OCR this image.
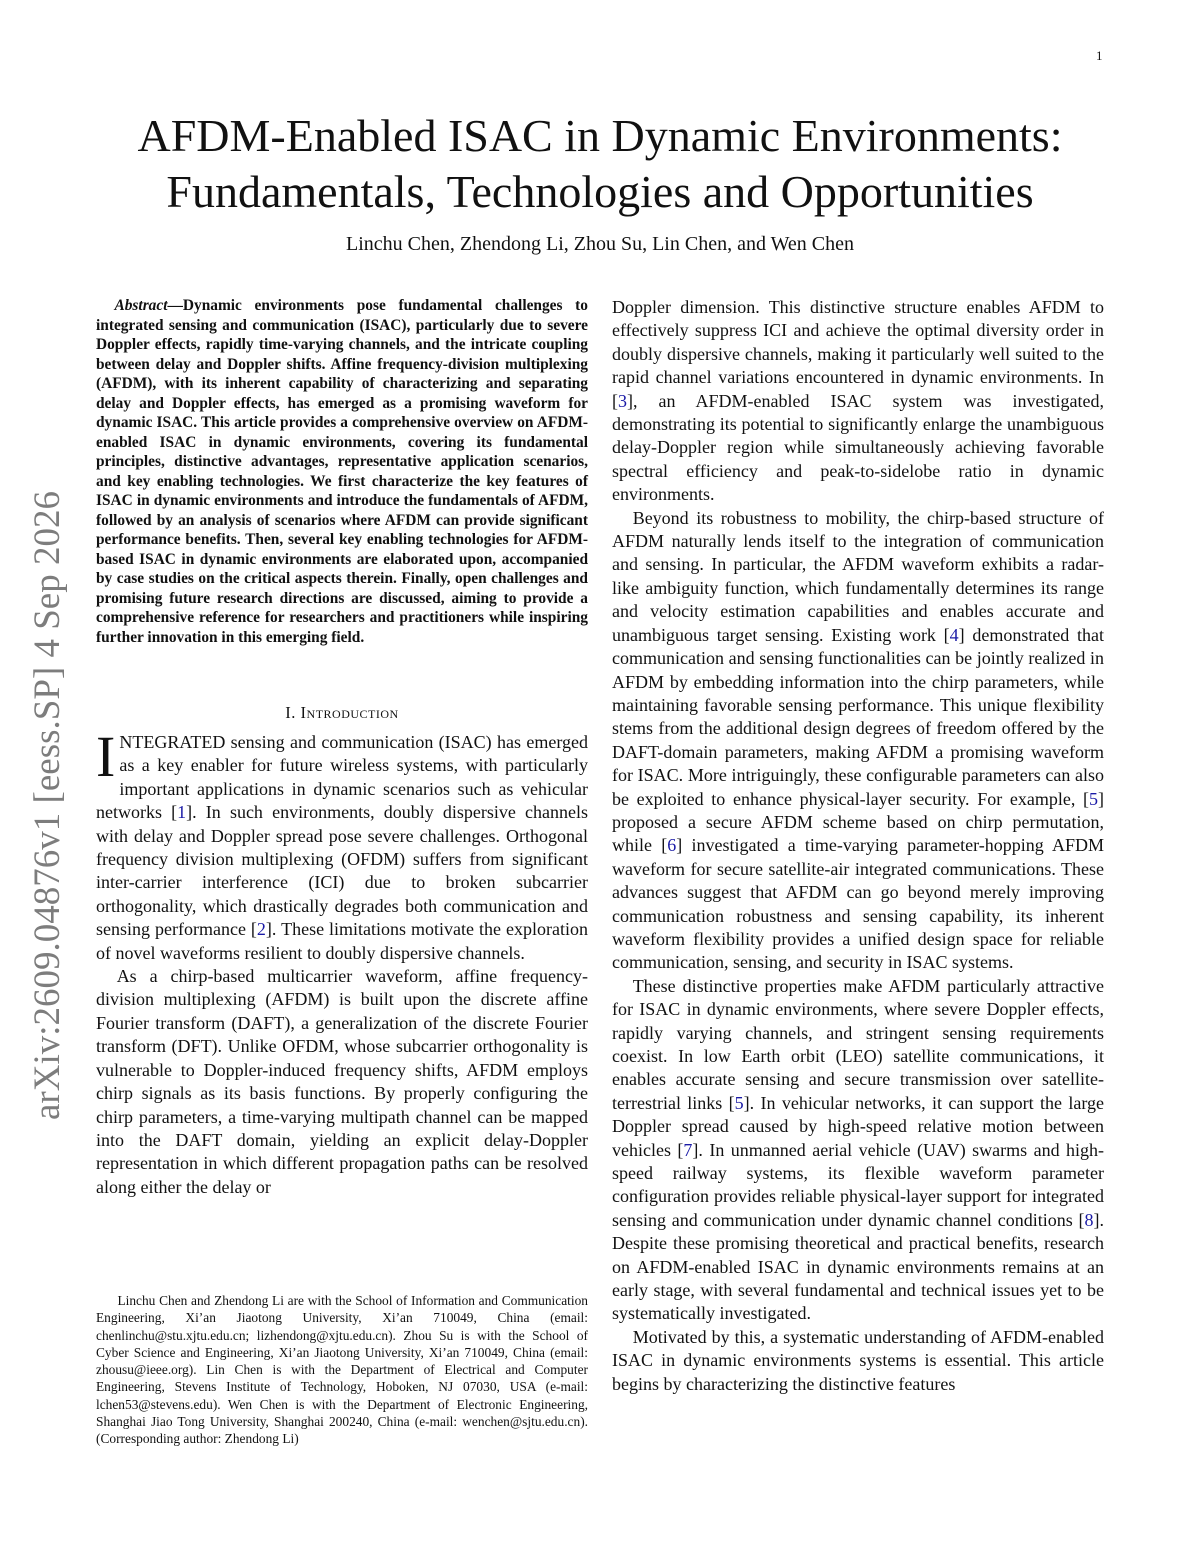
1
arXiv:2609.04876v1 [eess.SP] 4 Sep 2026
AFDM-Enabled ISAC in Dynamic Environments:
Fundamentals, Technologies and Opportunities
Linchu Chen, Zhendong Li, Zhou Su, Lin Chen, and Wen Chen

Abstract—Dynamic environments pose fundamental challenges to integrated sensing and communication (ISAC), particularly due to severe Doppler effects, rapidly time-varying channels, and the intricate coupling between delay and Doppler shifts. Affine frequency-division multiplexing (AFDM), with its inherent capability of characterizing and separating delay and Doppler effects, has emerged as a promising waveform for dynamic ISAC. This article provides a comprehensive overview on AFDM-enabled ISAC in dynamic environments, covering its fundamental principles, distinctive advantages, representative application scenarios, and key enabling technologies. We first characterize the key features of ISAC in dynamic environments and introduce the fundamentals of AFDM, followed by an analysis of scenarios where AFDM can provide significant performance benefits. Then, several key enabling technologies for AFDM-based ISAC in dynamic environments are elaborated upon, accompanied by case studies on the critical aspects therein. Finally, open challenges and promising future research directions are discussed, aiming to provide a comprehensive reference for researchers and practitioners while inspiring further innovation in this emerging field.

I. Introduction

INTEGRATED sensing and communication (ISAC) has emerged as a key enabler for future wireless systems, with particularly important applications in dynamic scenarios such as vehicular networks [1]. In such environments, doubly dispersive channels with delay and Doppler spread pose severe challenges. Orthogonal frequency division multiplexing (OFDM) suffers from significant inter-carrier interference (ICI) due to broken subcarrier orthogonality, which drastically degrades both communication and sensing performance [2]. These limitations motivate the exploration of novel waveforms resilient to doubly dispersive channels.

As a chirp-based multicarrier waveform, affine frequency-division multiplexing (AFDM) is built upon the discrete affine Fourier transform (DAFT), a generalization of the discrete Fourier transform (DFT). Unlike OFDM, whose subcarrier orthogonality is vulnerable to Doppler-induced frequency shifts, AFDM employs chirp signals as its basis functions. By properly configuring the chirp parameters, a time-varying multipath channel can be mapped into the DAFT domain, yielding an explicit delay-Doppler representation in which different propagation paths can be resolved along either the delay or

Linchu Chen and Zhendong Li are with the School of Information and Communication Engineering, Xi’an Jiaotong University, Xi’an 710049, China (email: chenlinchu@stu.xjtu.edu.cn; lizhendong@xjtu.edu.cn). Zhou Su is with the School of Cyber Science and Engineering, Xi’an Jiaotong University, Xi’an 710049, China (email: zhousu@ieee.org). Lin Chen is with the Department of Electrical and Computer Engineering, Stevens Institute of Technology, Hoboken, NJ 07030, USA (e-mail: lchen53@stevens.edu). Wen Chen is with the Department of Electronic Engineering, Shanghai Jiao Tong University, Shanghai 200240, China (e-mail: wenchen@sjtu.edu.cn). (Corresponding author: Zhendong Li)

Doppler dimension. This distinctive structure enables AFDM to effectively suppress ICI and achieve the optimal diversity order in doubly dispersive channels, making it particularly well suited to the rapid channel variations encountered in dynamic environments. In [3], an AFDM-enabled ISAC system was investigated, demonstrating its potential to significantly enlarge the unambiguous delay-Doppler region while simultaneously achieving favorable spectral efficiency and peak-to-sidelobe ratio in dynamic environments.

Beyond its robustness to mobility, the chirp-based structure of AFDM naturally lends itself to the integration of communication and sensing. In particular, the AFDM waveform exhibits a radar-like ambiguity function, which fundamentally determines its range and velocity estimation capabilities and enables accurate and unambiguous target sensing. Existing work [4] demonstrated that communication and sensing functionalities can be jointly realized in AFDM by embedding information into the chirp parameters, while maintaining favorable sensing performance. This unique flexibility stems from the additional design degrees of freedom offered by the DAFT-domain parameters, making AFDM a promising waveform for ISAC. More intriguingly, these configurable parameters can also be exploited to enhance physical-layer security. For example, [5] proposed a secure AFDM scheme based on chirp permutation, while [6] investigated a time-varying parameter-hopping AFDM waveform for secure satellite-air integrated communications. These advances suggest that AFDM can go beyond merely improving communication robustness and sensing capability, its inherent waveform flexibility provides a unified design space for reliable communication, sensing, and security in ISAC systems.

These distinctive properties make AFDM particularly attractive for ISAC in dynamic environments, where severe Doppler effects, rapidly varying channels, and stringent sensing requirements coexist. In low Earth orbit (LEO) satellite communications, it enables accurate sensing and secure transmission over satellite-terrestrial links [5]. In vehicular networks, it can support the large Doppler spread caused by high-speed relative motion between vehicles [7]. In unmanned aerial vehicle (UAV) swarms and high-speed railway systems, its flexible waveform parameter configuration provides reliable physical-layer support for integrated sensing and communication under dynamic channel conditions [8]. Despite these promising theoretical and practical benefits, research on AFDM-enabled ISAC in dynamic environments remains at an early stage, with several fundamental and technical issues yet to be systematically investigated.

Motivated by this, a systematic understanding of AFDM-enabled ISAC in dynamic environments systems is essential. This article begins by characterizing the distinctive features
